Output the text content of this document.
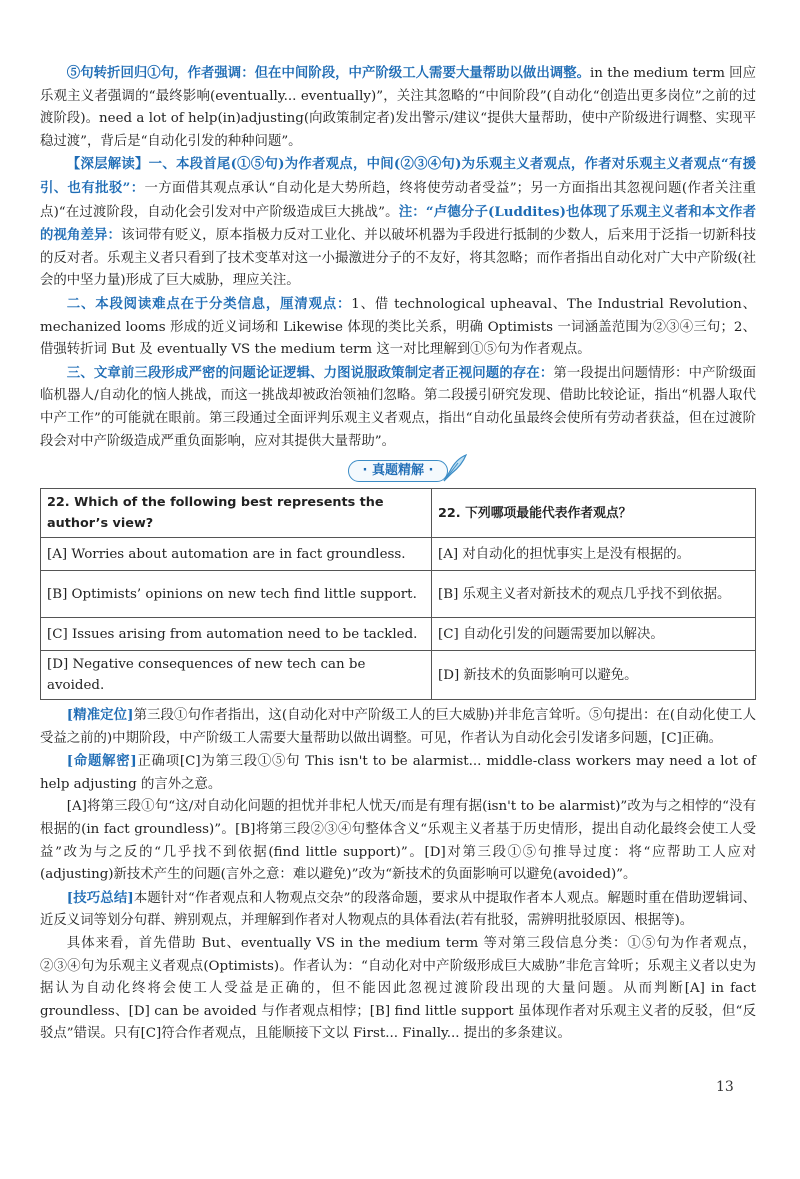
⑤句转折回归①句，作者强调：但在中间阶段，中产阶级工人需要大量帮助以做出调整。in the medium term 回应乐观主义者强调的“最终影响(eventually... eventually)”，关注其忽略的“中间阶段”(自动化“创造出更多岗位”之前的过渡阶段)。need a lot of help(in)adjusting(向政策制定者)发出警示/建议“提供大量帮助，使中产阶级进行调整、实现平稳过渡”，背后是“自动化引发的种种问题”。

【深层解读】一、本段首尾(①⑤句)为作者观点，中间(②③④句)为乐观主义者观点，作者对乐观主义者观点“有援引、也有批驳”：一方面借其观点承认“自动化是大势所趋，终将使劳动者受益”；另一方面指出其忽视问题(作者关注重点)“在过渡阶段，自动化会引发对中产阶级造成巨大挑战”。注：“卢德分子(Luddites)也体现了乐观主义者和本文作者的视角差异：该词带有贬义，原本指极力反对工业化、并以破坏机器为手段进行抵制的少数人，后来用于泛指一切新科技的反对者。乐观主义者只看到了技术变革对这一小撮激进分子的不友好，将其忽略；而作者指出自动化对广大中产阶级(社会的中坚力量)形成了巨大威胁，理应关注。

二、本段阅读难点在于分类信息，厘清观点：1、借 technological upheaval、The Industrial Revolution、mechanized looms 形成的近义词场和 Likewise 体现的类比关系，明确 Optimists 一词涵盖范围为②③④三句；2、借强转折词 But 及 eventually VS the medium term 这一对比理解到①⑤句为作者观点。

三、文章前三段形成严密的问题论证逻辑、力图说服政策制定者正视问题的存在：第一段提出问题情形：中产阶级面临机器人/自动化的恼人挑战，而这一挑战却被政治领袖们忽略。第二段援引研究发现、借助比较论证，指出“机器人取代中产工作”的可能就在眼前。第三段通过全面评判乐观主义者观点，指出“自动化虽最终会使所有劳动者获益，但在过渡阶段会对中产阶级造成严重负面影响，应对其提供大量帮助”。

· 真题精解 ·
22. Which of the following best represents the author’s view?	22. 下列哪项最能代表作者观点？
[A] Worries about automation are in fact groundless.	[A] 对自动化的担忧事实上是没有根据的。
[B] Optimists’ opinions on new tech find little support.	[B] 乐观主义者对新技术的观点几乎找不到依据。
[C] Issues arising from automation need to be tackled.	[C] 自动化引发的问题需要加以解决。
[D] Negative consequences of new tech can be avoided.	[D] 新技术的负面影响可以避免。

[精准定位]第三段①句作者指出，这(自动化对中产阶级工人的巨大威胁)并非危言耸听。⑤句提出：在(自动化使工人受益之前的)中期阶段，中产阶级工人需要大量帮助以做出调整。可见，作者认为自动化会引发诸多问题，[C]正确。

[命题解密]正确项[C]为第三段①⑤句 This isn't to be alarmist... middle-class workers may need a lot of help adjusting 的言外之意。

[A]将第三段①句“这/对自动化问题的担忧并非杞人忧天/而是有理有据(isn't to be alarmist)”改为与之相悖的“没有根据的(in fact groundless)”。[B]将第三段②③④句整体含义“乐观主义者基于历史情形，提出自动化最终会使工人受益”改为与之反的“几乎找不到依据(find little support)”。[D]对第三段①⑤句推导过度：将“应帮助工人应对(adjusting)新技术产生的问题(言外之意：难以避免)”改为“新技术的负面影响可以避免(avoided)”。

[技巧总结]本题针对“作者观点和人物观点交杂”的段落命题，要求从中提取作者本人观点。解题时重在借助逻辑词、近反义词等划分句群、辨别观点，并理解到作者对人物观点的具体看法(若有批驳，需辨明批驳原因、根据等)。

具体来看，首先借助 But、eventually VS in the medium term 等对第三段信息分类：①⑤句为作者观点，②③④句为乐观主义者观点(Optimists)。作者认为：“自动化对中产阶级形成巨大威胁”非危言耸听；乐观主义者以史为据认为自动化终将会使工人受益是正确的，但不能因此忽视过渡阶段出现的大量问题。从而判断[A] in fact groundless、[D] can be avoided 与作者观点相悖；[B] find little support 虽体现作者对乐观主义者的反驳，但“反驳点”错误。只有[C]符合作者观点，且能顺接下文以 First... Finally... 提出的多条建议。

13
